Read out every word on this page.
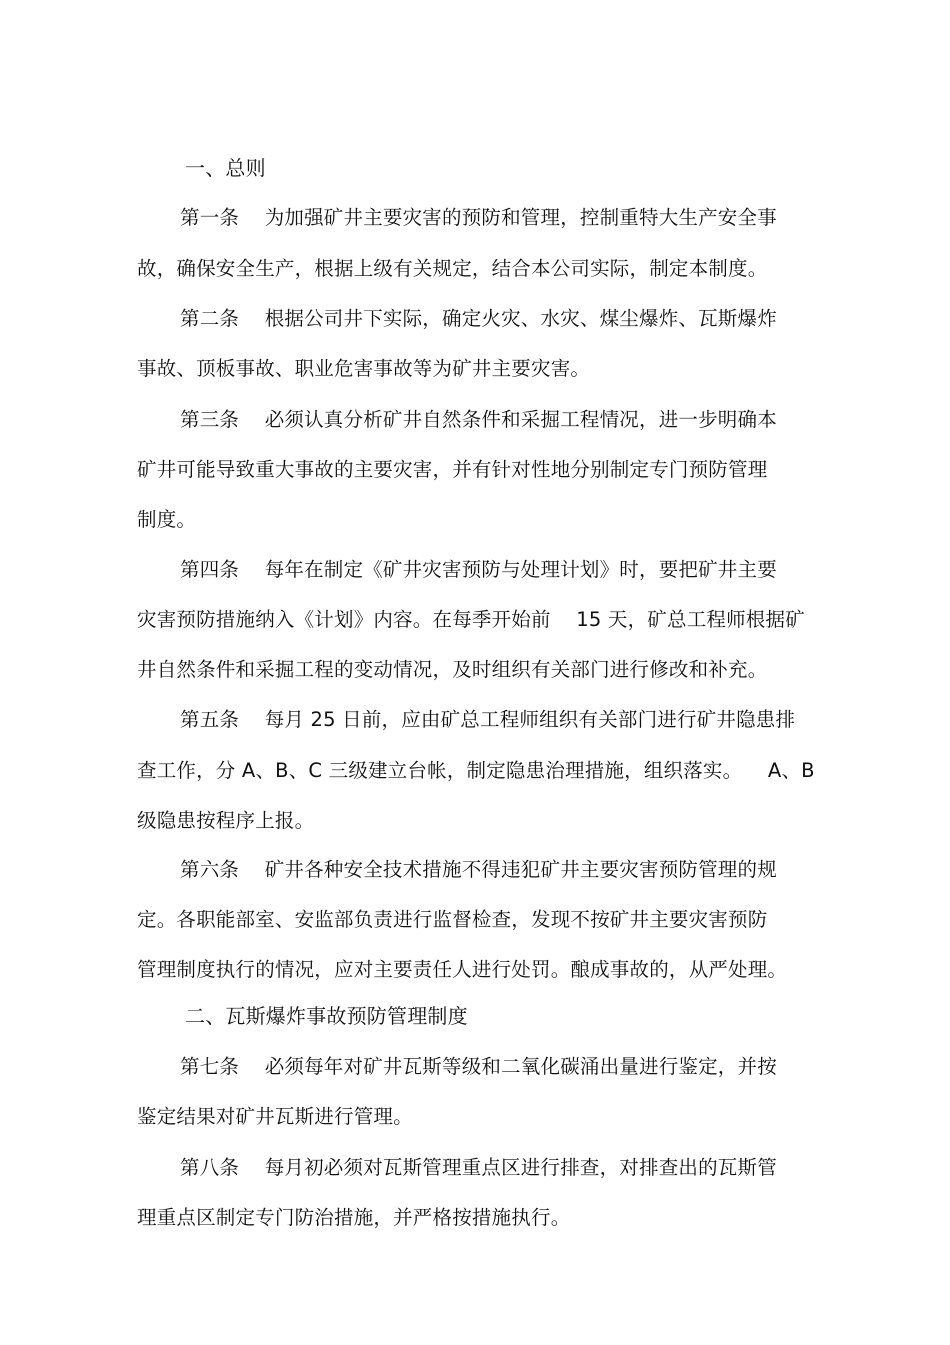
一、总则
第一条    为加强矿井主要灾害的预防和管理，控制重特大生产安全事
故，确保安全生产，根据上级有关规定，结合本公司实际，制定本制度。
第二条    根据公司井下实际，确定火灾、水灾、煤尘爆炸、瓦斯爆炸
事故、顶板事故、职业危害事故等为矿井主要灾害。
第三条    必须认真分析矿井自然条件和采掘工程情况，进一步明确本
矿井可能导致重大事故的主要灾害，并有针对性地分别制定专门预防管理
制度。
第四条    每年在制定《矿井灾害预防与处理计划》时，要把矿井主要
灾害预防措施纳入《计划》内容。在每季开始前    15 天，矿总工程师根据矿
井自然条件和采掘工程的变动情况，及时组织有关部门进行修改和补充。
第五条    每月 25 日前，应由矿总工程师组织有关部门进行矿井隐患排
查工作，分 A、B、C 三级建立台帐，制定隐患治理措施，组织落实。    A、B
级隐患按程序上报。
第六条    矿井各种安全技术措施不得违犯矿井主要灾害预防管理的规
定。各职能部室、安监部负责进行监督检查，发现不按矿井主要灾害预防
管理制度执行的情况，应对主要责任人进行处罚。酿成事故的，从严处理。
二、瓦斯爆炸事故预防管理制度
第七条    必须每年对矿井瓦斯等级和二氧化碳涌出量进行鉴定，并按
鉴定结果对矿井瓦斯进行管理。
第八条    每月初必须对瓦斯管理重点区进行排查，对排查出的瓦斯管
理重点区制定专门防治措施，并严格按措施执行。
